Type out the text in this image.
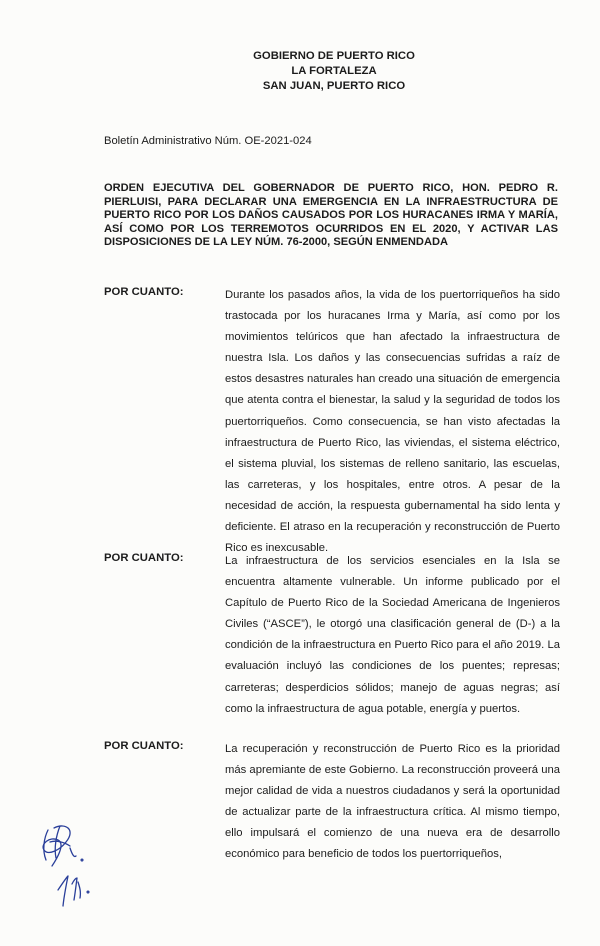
GOBIERNO DE PUERTO RICO
LA FORTALEZA
SAN JUAN, PUERTO RICO
Boletín Administrativo Núm. OE-2021-024
ORDEN EJECUTIVA DEL GOBERNADOR DE PUERTO RICO, HON. PEDRO R. PIERLUISI, PARA DECLARAR UNA EMERGENCIA EN LA INFRAESTRUCTURA DE PUERTO RICO POR LOS DAÑOS CAUSADOS POR LOS HURACANES IRMA Y MARÍA, ASÍ COMO POR LOS TERREMOTOS OCURRIDOS EN EL 2020, Y ACTIVAR LAS DISPOSICIONES DE LA LEY NÚM. 76-2000, SEGÚN ENMENDADA
POR CUANTO:	Durante los pasados años, la vida de los puertorriqueños ha sido trastocada por los huracanes Irma y María, así como por los movimientos telúricos que han afectado la infraestructura de nuestra Isla. Los daños y las consecuencias sufridas a raíz de estos desastres naturales han creado una situación de emergencia que atenta contra el bienestar, la salud y la seguridad de todos los puertorriqueños. Como consecuencia, se han visto afectadas la infraestructura de Puerto Rico, las viviendas, el sistema eléctrico, el sistema pluvial, los sistemas de relleno sanitario, las escuelas, las carreteras, y los hospitales, entre otros. A pesar de la necesidad de acción, la respuesta gubernamental ha sido lenta y deficiente. El atraso en la recuperación y reconstrucción de Puerto Rico es inexcusable.
POR CUANTO:	La infraestructura de los servicios esenciales en la Isla se encuentra altamente vulnerable. Un informe publicado por el Capítulo de Puerto Rico de la Sociedad Americana de Ingenieros Civiles (“ASCE”), le otorgó una clasificación general de (D-) a la condición de la infraestructura en Puerto Rico para el año 2019. La evaluación incluyó las condiciones de los puentes; represas; carreteras; desperdicios sólidos; manejo de aguas negras; así como la infraestructura de agua potable, energía y puertos.
POR CUANTO:	La recuperación y reconstrucción de Puerto Rico es la prioridad más apremiante de este Gobierno. La reconstrucción proveerá una mejor calidad de vida a nuestros ciudadanos y será la oportunidad de actualizar parte de la infraestructura crítica. Al mismo tiempo, ello impulsará el comienzo de una nueva era de desarrollo económico para beneficio de todos los puertorriqueños,
